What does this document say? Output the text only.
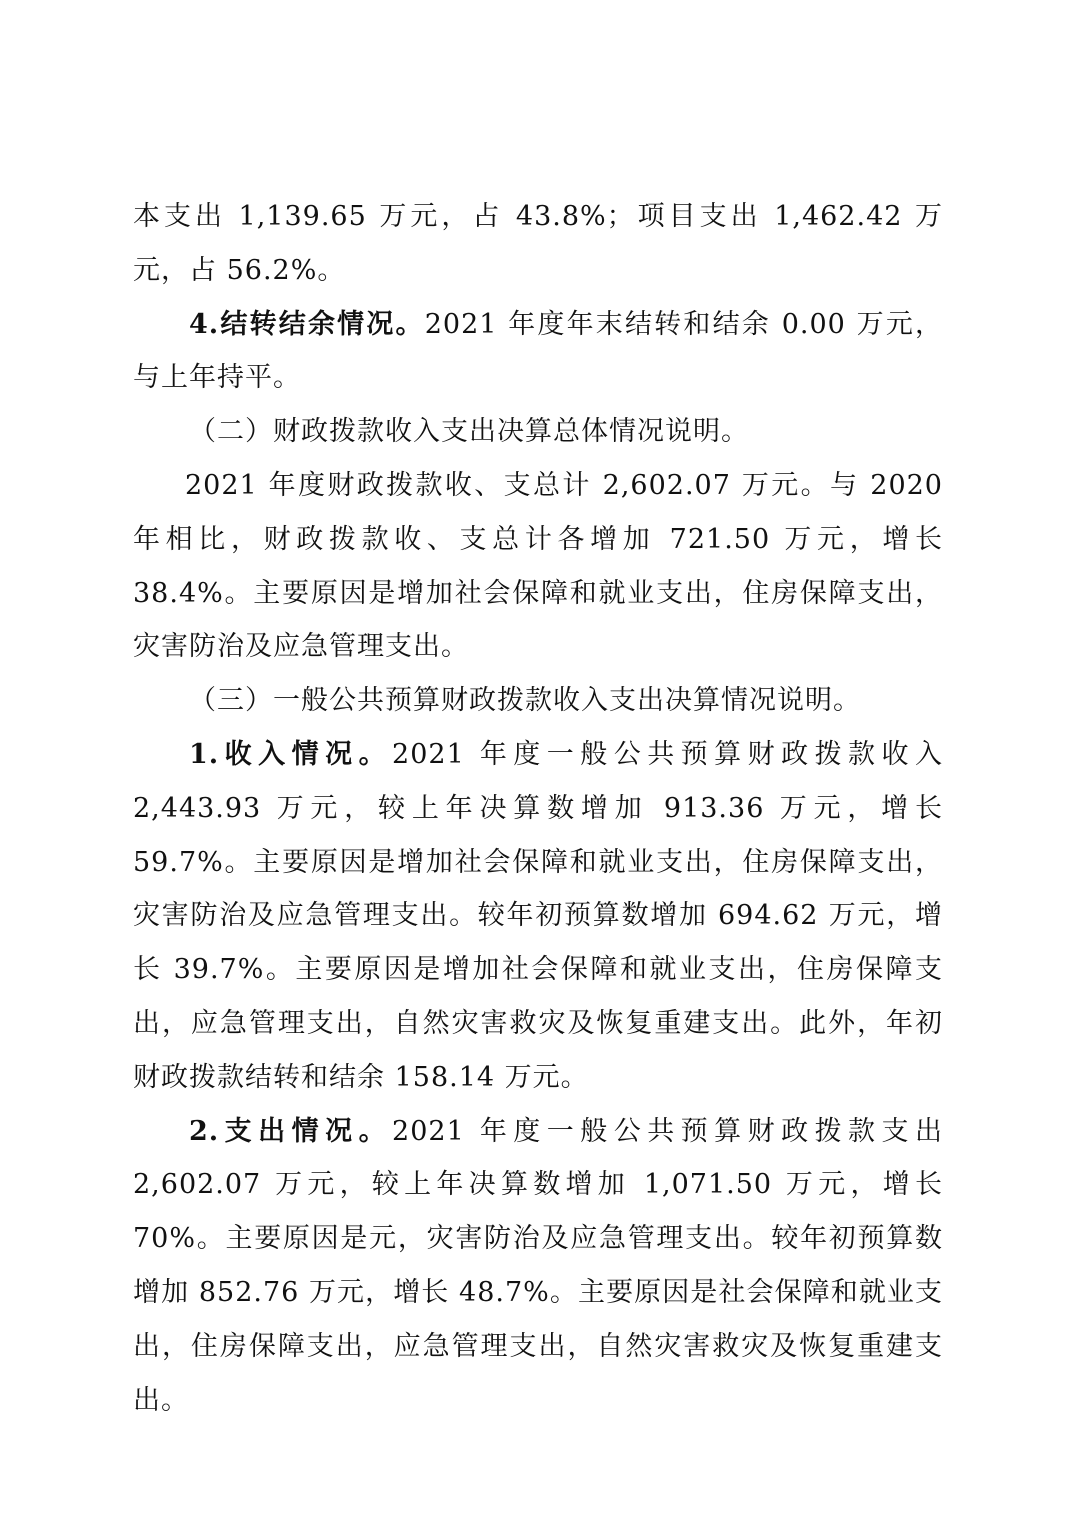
本支出 1,139.65 万元，占 43.8%；项目支出 1,462.42 万元，占 56.2%。

4.结转结余情况。2021 年度年末结转和结余 0.00 万元，与上年持平。

（二）财政拨款收入支出决算总体情况说明。

2021 年度财政拨款收、支总计 2,602.07 万元。与 2020 年相比，财政拨款收、支总计各增加 721.50 万元，增长 38.4%。主要原因是增加社会保障和就业支出，住房保障支出，灾害防治及应急管理支出。

（三）一般公共预算财政拨款收入支出决算情况说明。

1.收入情况。2021 年度一般公共预算财政拨款收入 2,443.93 万元，较上年决算数增加 913.36 万元，增长 59.7%。主要原因是增加社会保障和就业支出，住房保障支出，灾害防治及应急管理支出。较年初预算数增加 694.62 万元，增长 39.7%。主要原因是增加社会保障和就业支出，住房保障支出，应急管理支出，自然灾害救灾及恢复重建支出。此外，年初财政拨款结转和结余 158.14 万元。

2.支出情况。2021 年度一般公共预算财政拨款支出 2,602.07 万元，较上年决算数增加 1,071.50 万元，增长 70%。主要原因是元，灾害防治及应急管理支出。较年初预算数增加 852.76 万元，增长 48.7%。主要原因是社会保障和就业支出，住房保障支出，应急管理支出，自然灾害救灾及恢复重建支出。
